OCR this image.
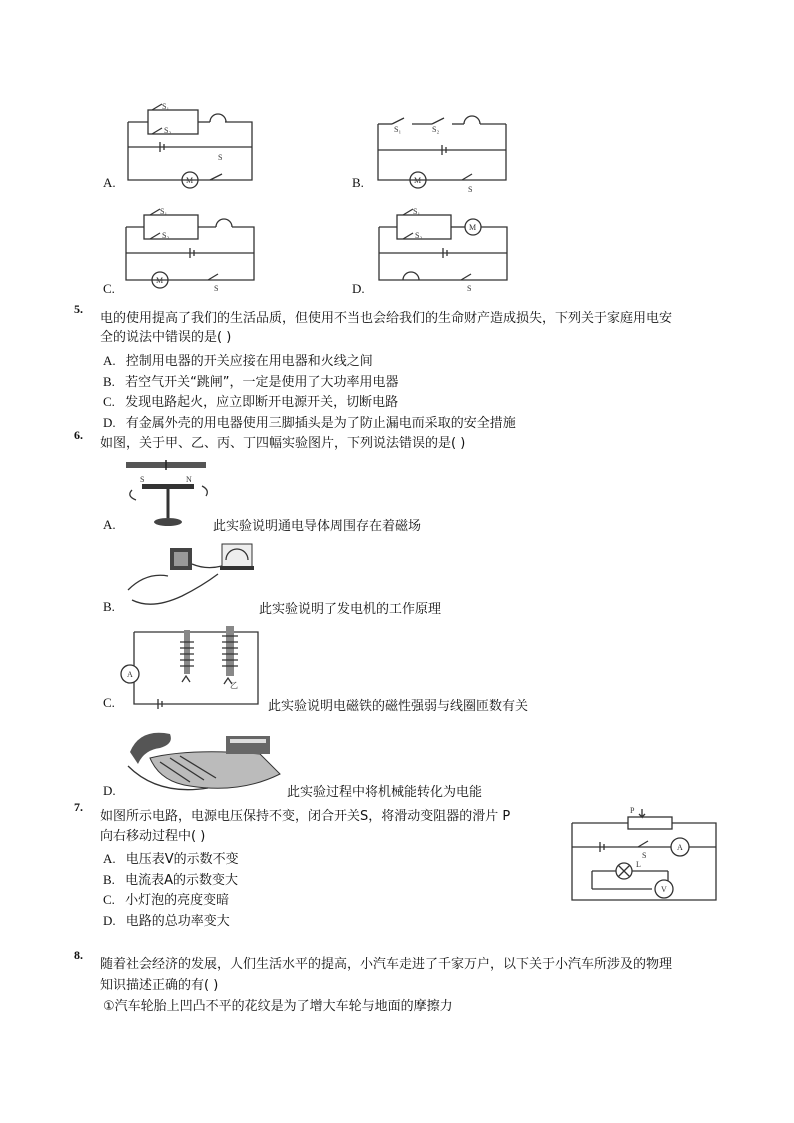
M
S₁
S₂
S
A.	M
S₁	S₂
S
B.
M
S₁
S₂
S
C.
M
S₁
S₂
S
D.
5.
电的使用提高了我们的生活品质，但使用不当也会给我们的生命财产造成损失，下列关于家庭用电安
全的说法中错误的是( )
A. 控制用电器的开关应接在用电器和火线之间
B. 若空气开关“跳闸”，一定是使用了大功率用电器
C. 发现电路起火，应立即断开电源开关，切断电路
D. 有金属外壳的用电器使用三脚插头是为了防止漏电而采取的安全措施
6.
如图，关于甲、乙、丙、丁四幅实验图片，下列说法错误的是( )
S	N
A.	此实验说明通电导体周围存在着磁场
B.	此实验说明了发电机的工作原理
A
乙
C.	此实验说明电磁铁的磁性强弱与线圈匝数有关
D.	此实验过程中将机械能转化为电能
7.
如图所示电路，电源电压保持不变，闭合开关S，将滑动变阻器的滑片 P
向右移动过程中( )
A. 电压表V的示数不变
B. 电流表A的示数变大
C. 小灯泡的亮度变暗
D. 电路的总功率变大
P
S
A
L
V
8.
随着社会经济的发展，人们生活水平的提高，小汽车走进了千家万户，以下关于小汽车所涉及的物理
知识描述正确的有( )
①汽车轮胎上凹凸不平的花纹是为了增大车轮与地面的摩擦力
